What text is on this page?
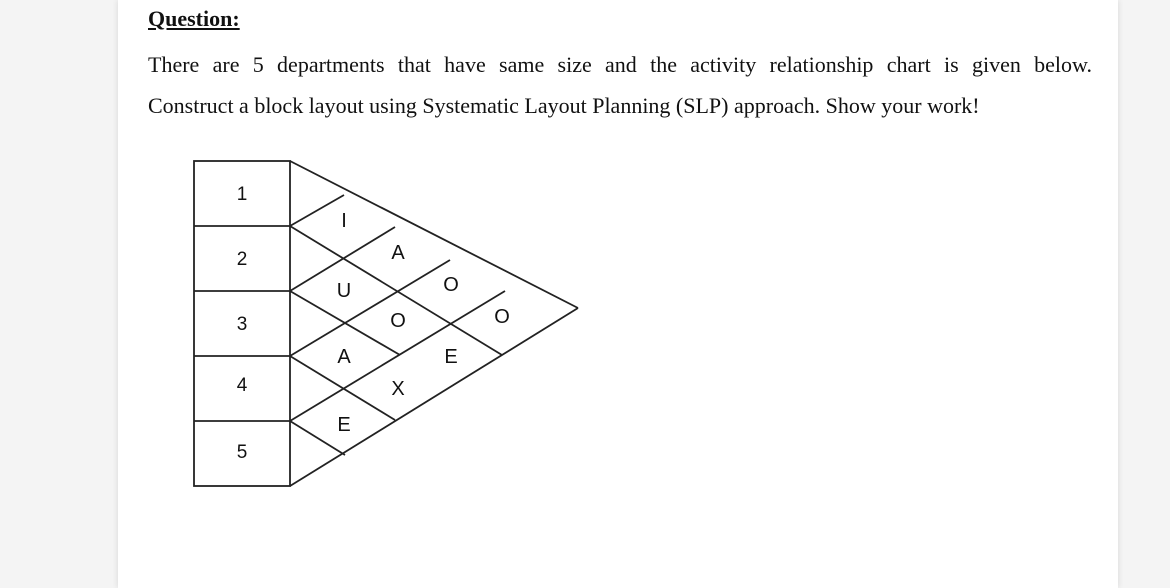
Question:
There are 5 departments that have same size and the activity relationship chart is given below.
Construct a block layout using Systematic Layout Planning (SLP) approach. Show your work!
1
2
3
4
5
I
A
O
O
U
O
E
A
X
E
